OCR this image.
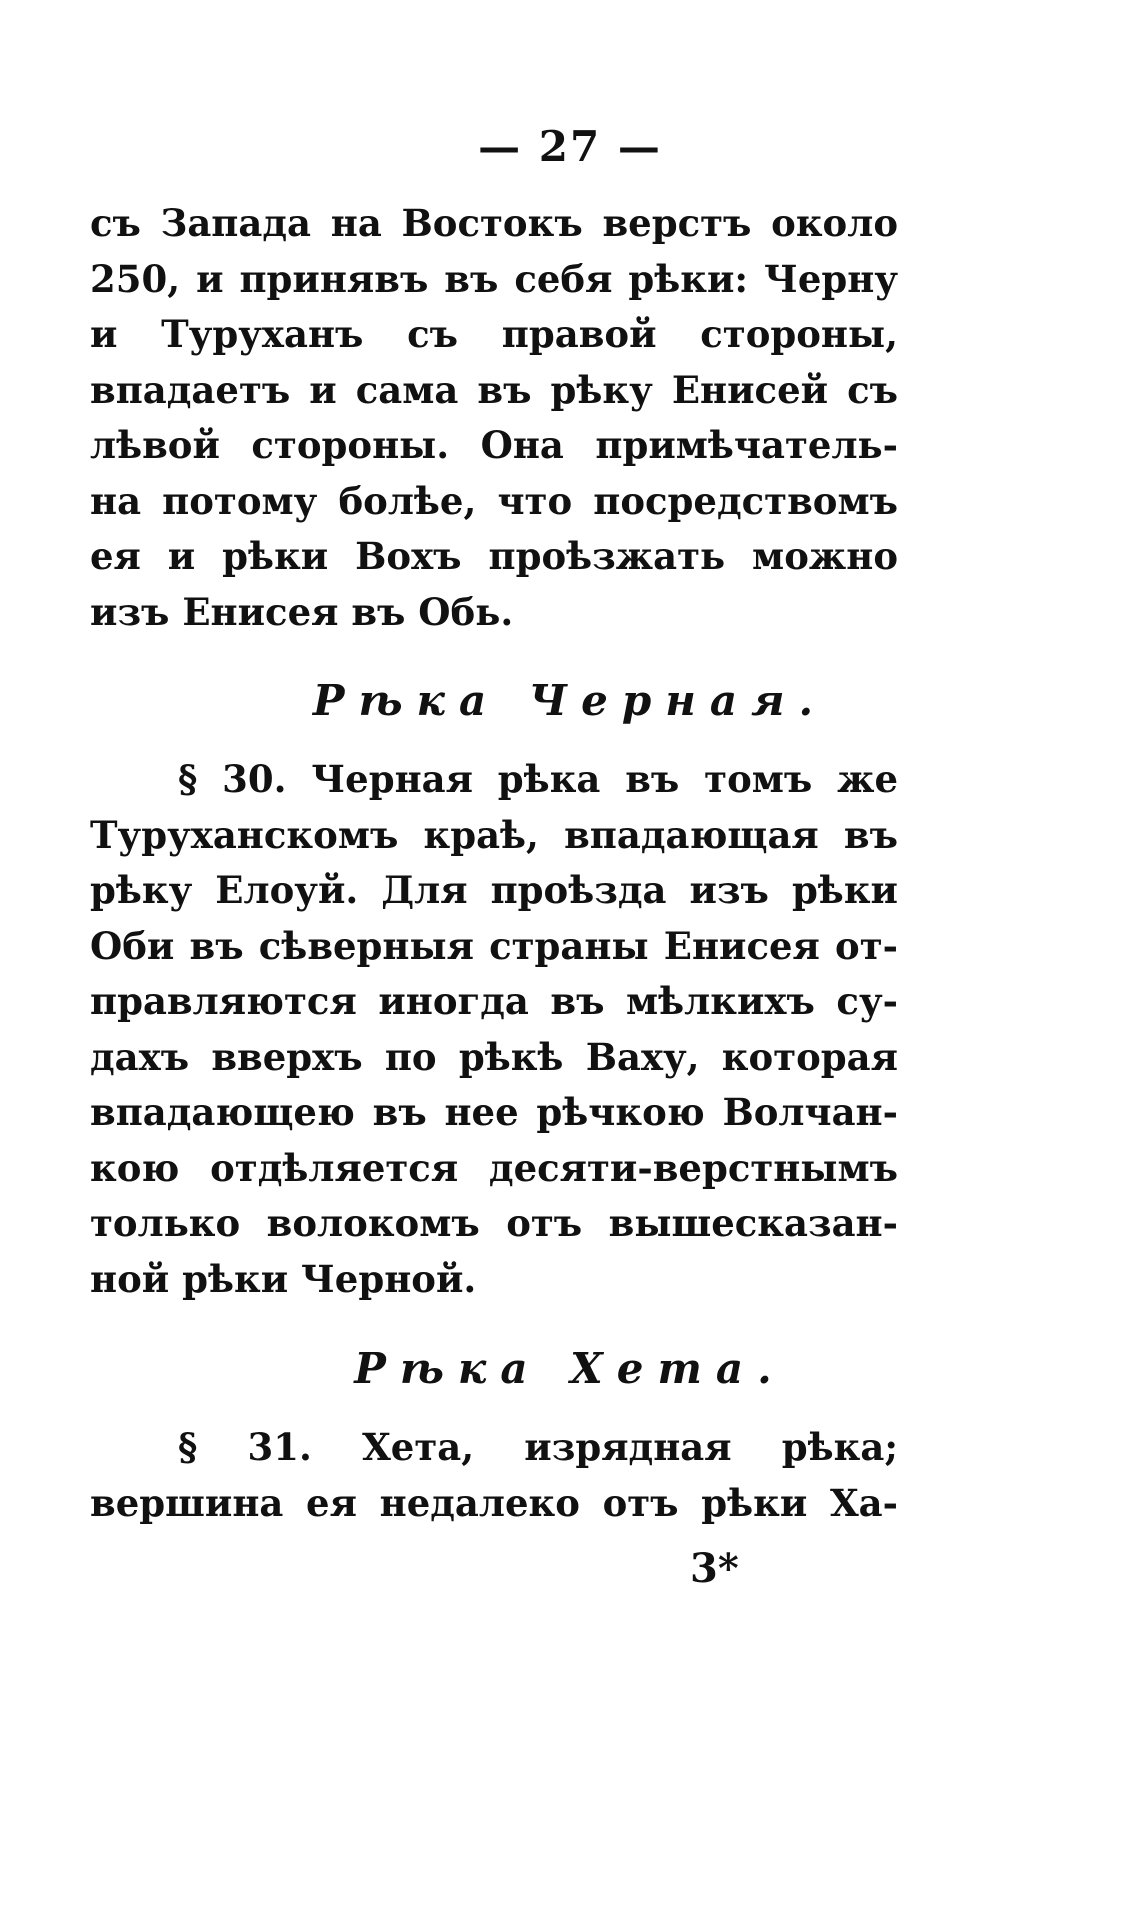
— 27 —
съ Запада на Востокъ верстъ около
250, и принявъ въ себя рѣки: Черну
и Туруханъ съ правой стороны,
впадаетъ и сама въ рѣку Енисей съ
лѣвой стороны. Она примѣчатель-
на потому болѣе, что посредствомъ
ея и рѣки Вохъ проѣзжать можно
изъ Енисея въ Обь.
Рѣка Черная.
§ 30. Черная рѣка въ томъ же
Туруханскомъ краѣ, впадающая въ
рѣку Елоуй. Для проѣзда изъ рѣки
Оби въ сѣверныя страны Енисея от-
правляются иногда въ мѣлкихъ су-
дахъ вверхъ по рѣкѣ Ваху, которая
впадающею въ нее рѣчкою Волчан-
кою отдѣляется десяти-верстнымъ
только волокомъ отъ вышесказан-
ной рѣки Черной.
Рѣка Хета.
§ 31. Хета, изрядная рѣка;
вершина ея недалеко отъ рѣки Ха-
3*
